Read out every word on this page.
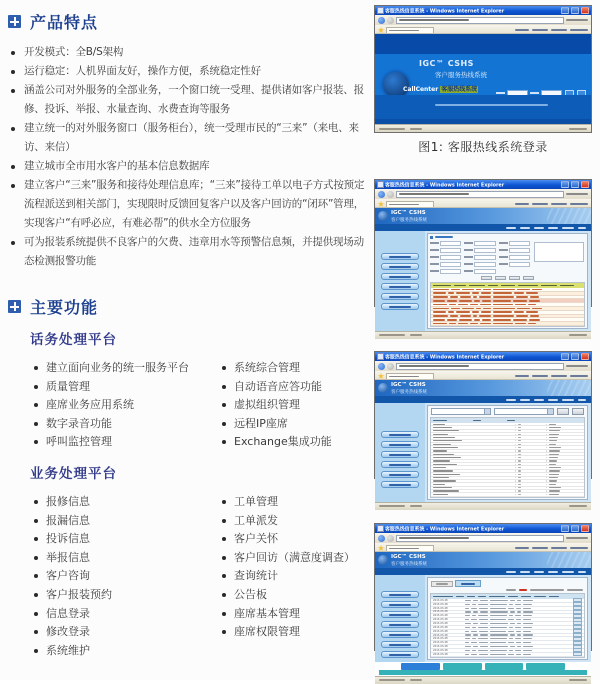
产品特点
开发模式：全B/S架构
运行稳定：人机界面友好，操作方便，系统稳定性好
涵盖公司对外服务的全部业务，一个窗口统一受理、提供诸如客户报装、报修、投诉、举报、水量查询、水费查询等服务
建立统一的对外服务窗口（服务柜台），统一受理市民的“三来”（来电、来访、来信）
建立城市全市用水客户的基本信息数据库
建立客户“三来”服务和接待处理信息库；“三来”接待工单以电子方式按预定流程派送到相关部门，实现限时反馈回复客户以及客户回访的“闭环”管理，实现客户“有呼必应，有难必帮”的供水全方位服务
可为报装系统提供不良客户的欠费、违章用水等预警信息频，并提供现场动态检测报警功能
主要功能
话务处理平台
建立面向业务的统一服务平台
质量管理
座席业务应用系统
数字录音功能
呼叫监控管理
系统综合管理
自动语音应答功能
虚拟组织管理
远程IP座席
Exchange集成功能
业务处理平台
报修信息
报漏信息
投诉信息
举报信息
客户咨询
客户报装预约
信息登录
修改登录
系统维护
工单管理
工单派发
客户关怀
客户回访（满意度调查）
查询统计
公告板
座席基本管理
座席权限管理
客服热线信息系统 - Windows Internet Explorer
IGC™ CSHS
客户服务热线系统
CallCenter 客服热线系统
图1: 客服热线系统登录
客服热线信息系统 - Windows Internet Explorer
IGC™ CSHS
客户服务热线系统
客服热线信息系统 - Windows Internet Explorer
IGC™ CSHS
客户服务热线系统
客服热线信息系统 - Windows Internet Explorer
IGC™ CSHS
客户服务热线系统
2013-03-28
2013-03-28
2013-03-28
2013-03-28
2013-03-28
2013-03-28
2013-03-28
2013-03-28
2013-03-28
2013-03-28
2013-03-28
2013-03-28
2013-03-28
2013-03-28
2013-03-28
